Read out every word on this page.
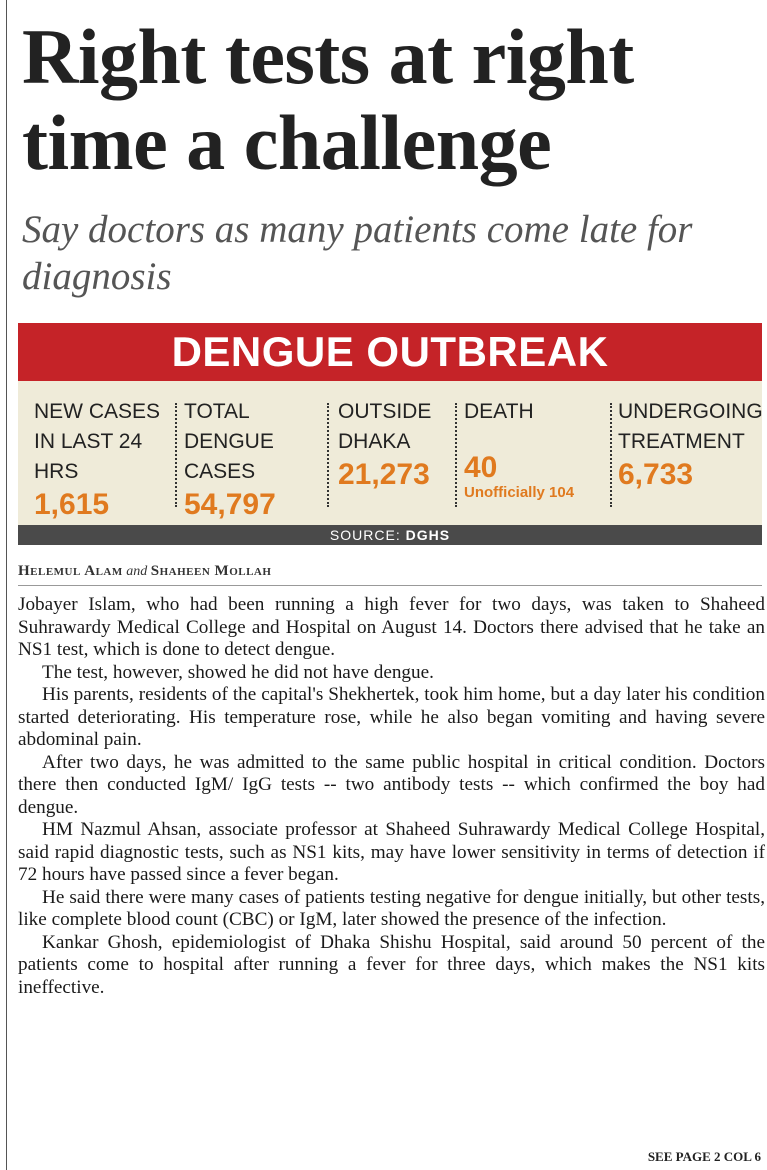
Right tests at right time a challenge
Say doctors as many patients come late for diagnosis
DENGUE OUTBREAK
NEW CASES IN LAST 24 HRS
1,615
TOTAL DENGUE CASES
54,797
OUTSIDE DHAKA
21,273
DEATH
40
Unofficially 104
UNDERGOING TREATMENT
6,733
SOURCE: DGHS
Helemul Alam and Shaheen Mollah

Jobayer Islam, who had been running a high fever for two days, was taken to Shaheed Suhrawardy Medical College and Hospital on August 14. Doctors there advised that he take an NS1 test, which is done to detect dengue.

The test, however, showed he did not have dengue.

His parents, residents of the capital's Shekhertek, took him home, but a day later his condition started deteriorating. His temperature rose, while he also began vomiting and having severe abdominal pain.

After two days, he was admitted to the same public hospital in critical condition. Doctors there then conducted IgM/ IgG tests -- two antibody tests -- which confirmed the boy had dengue.

HM Nazmul Ahsan, associate professor at Shaheed Suhrawardy Medical College Hospital, said rapid diagnostic tests, such as NS1 kits, may have lower sensitivity in terms of detection if 72 hours have passed since a fever began.

He said there were many cases of patients testing negative for dengue initially, but other tests, like complete blood count (CBC) or IgM, later showed the presence of the infection.

Kankar Ghosh, epidemiologist of Dhaka Shishu Hospital, said around 50 percent of the patients come to hospital after running a fever for three days, which makes the NS1 kits ineffective.

SEE PAGE 2 COL 6
